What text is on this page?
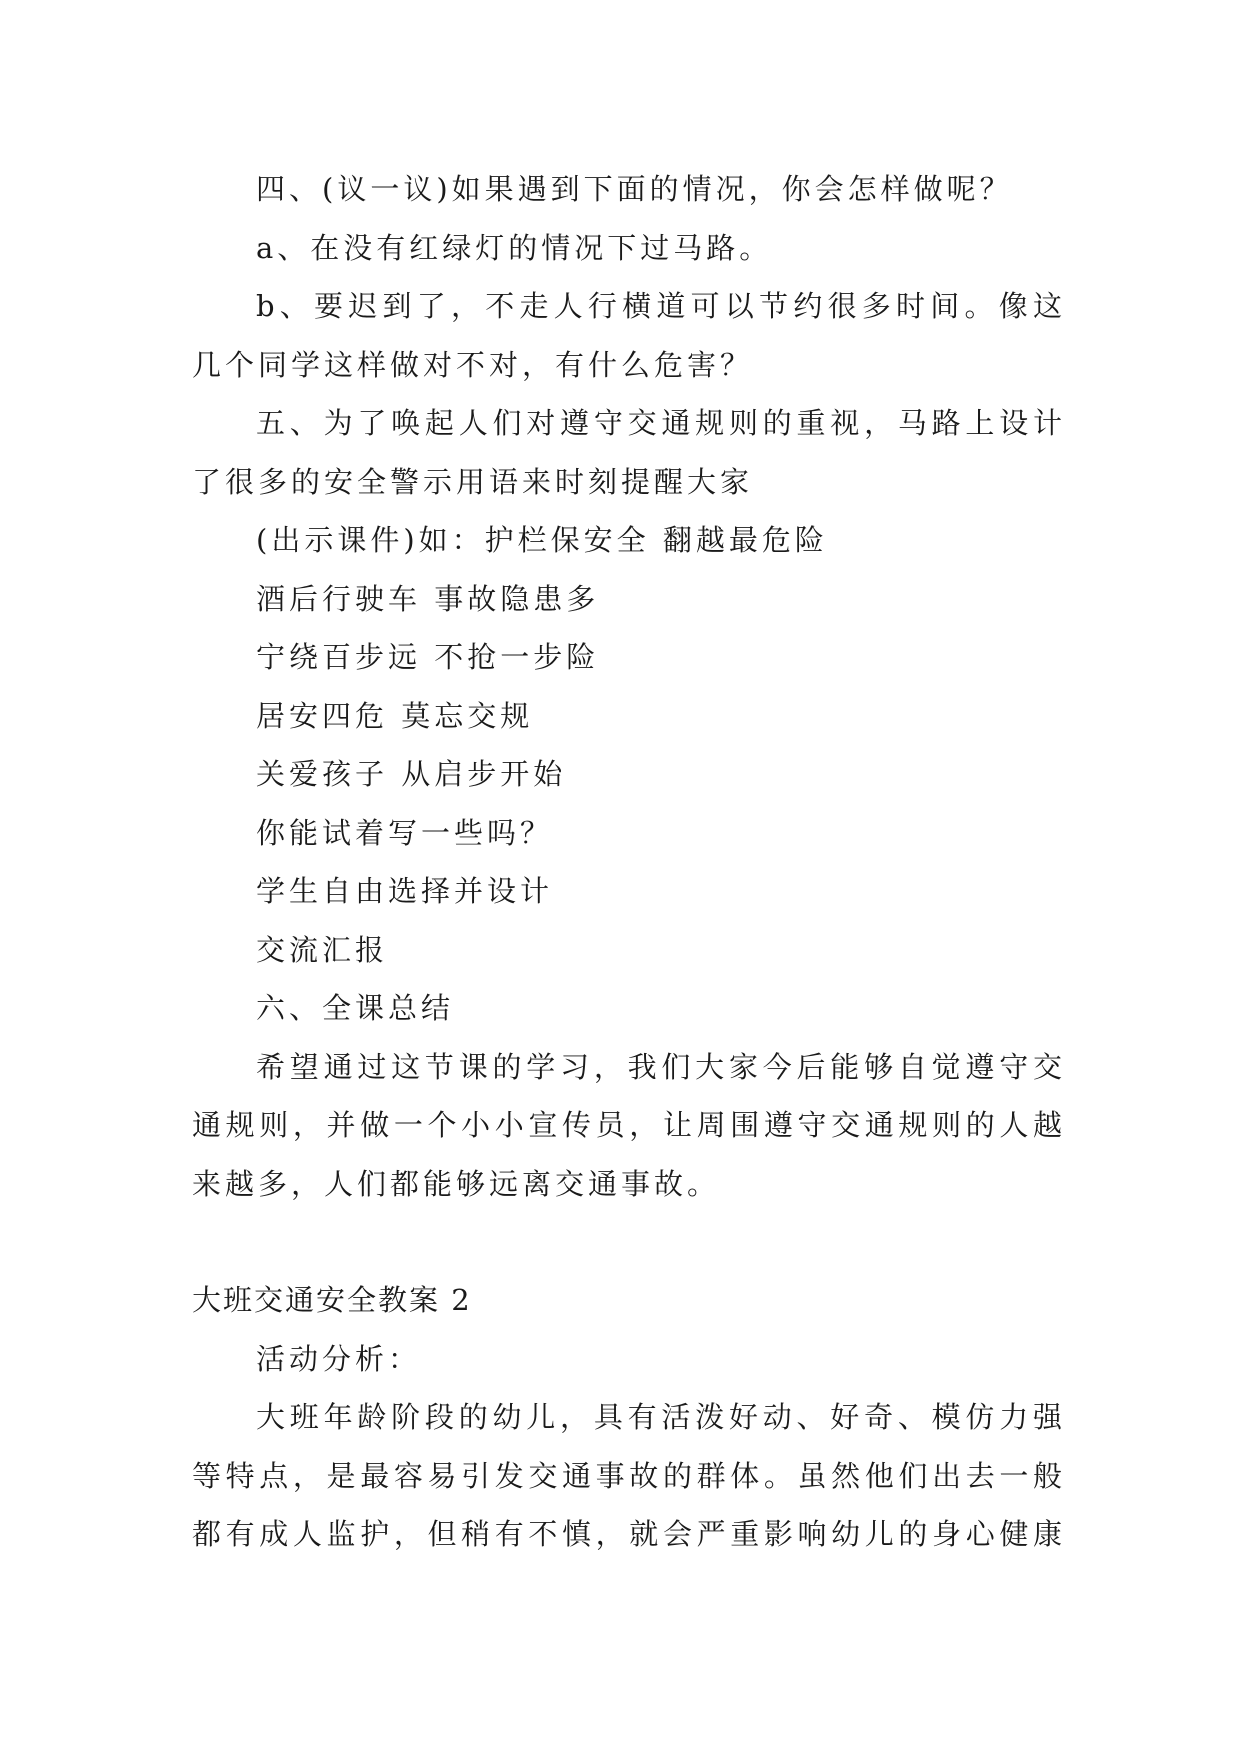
四、(议一议)如果遇到下面的情况，你会怎样做呢？
a、在没有红绿灯的情况下过马路。
b、要迟到了，不走人行横道可以节约很多时间。像这
几个同学这样做对不对，有什么危害？
五、为了唤起人们对遵守交通规则的重视，马路上设计
了很多的安全警示用语来时刻提醒大家
(出示课件)如：护栏保安全 翻越最危险
酒后行驶车 事故隐患多
宁绕百步远 不抢一步险
居安四危 莫忘交规
关爱孩子 从启步开始
你能试着写一些吗？
学生自由选择并设计
交流汇报
六、全课总结
希望通过这节课的学习，我们大家今后能够自觉遵守交
通规则，并做一个小小宣传员，让周围遵守交通规则的人越
来越多，人们都能够远离交通事故。
大班交通安全教案 2
活动分析：
大班年龄阶段的幼儿，具有活泼好动、好奇、模仿力强
等特点，是最容易引发交通事故的群体。虽然他们出去一般
都有成人监护，但稍有不慎，就会严重影响幼儿的身心健康
